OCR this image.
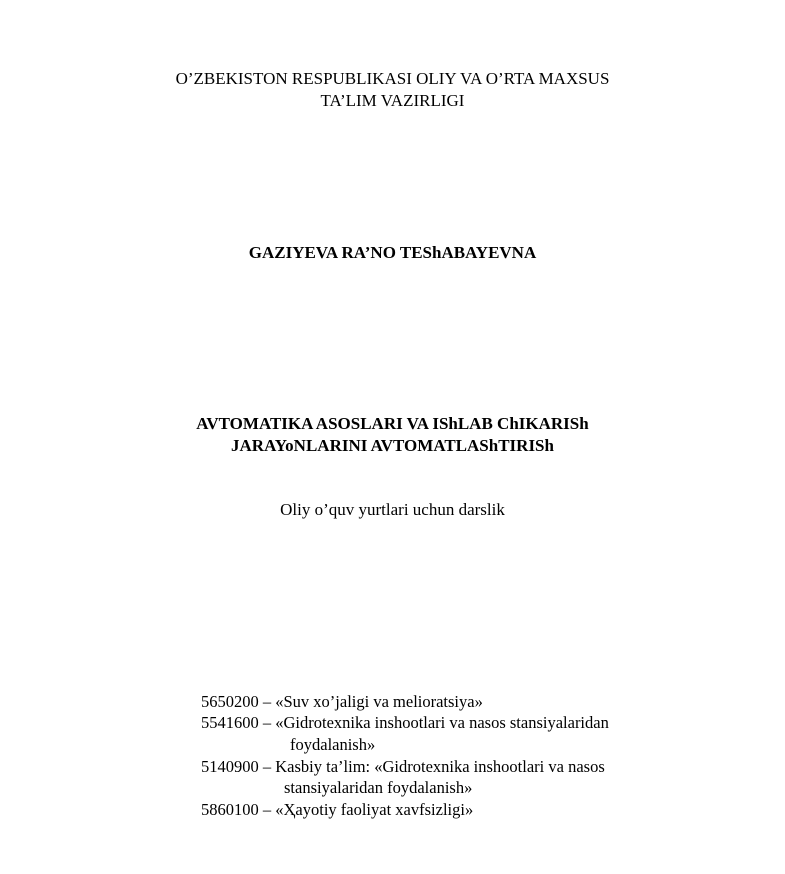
O’ZBEKISTON RESPUBLIKASI OLIY VA O’RTA MAXSUS
TA’LIM VAZIRLIGI
GAZIYEVA RA’NO TEShABAYEVNA
AVTOMATIKA ASOSLARI VA IShLAB ChIKARISh
JARAYoNLARINI AVTOMATLAShTIRISh
Oliy o’quv yurtlari uchun darslik
5650200 – «Suv xo’jaligi va melioratsiya»
5541600 – «Gidrotexnika inshootlari va nasos stansiyalaridan
foydalanish»
5140900 – Kasbiy ta’lim: «Gidrotexnika inshootlari va nasos
stansiyalaridan foydalanish»
5860100 – «Ҳayotiy faoliyat xavfsizligi»
